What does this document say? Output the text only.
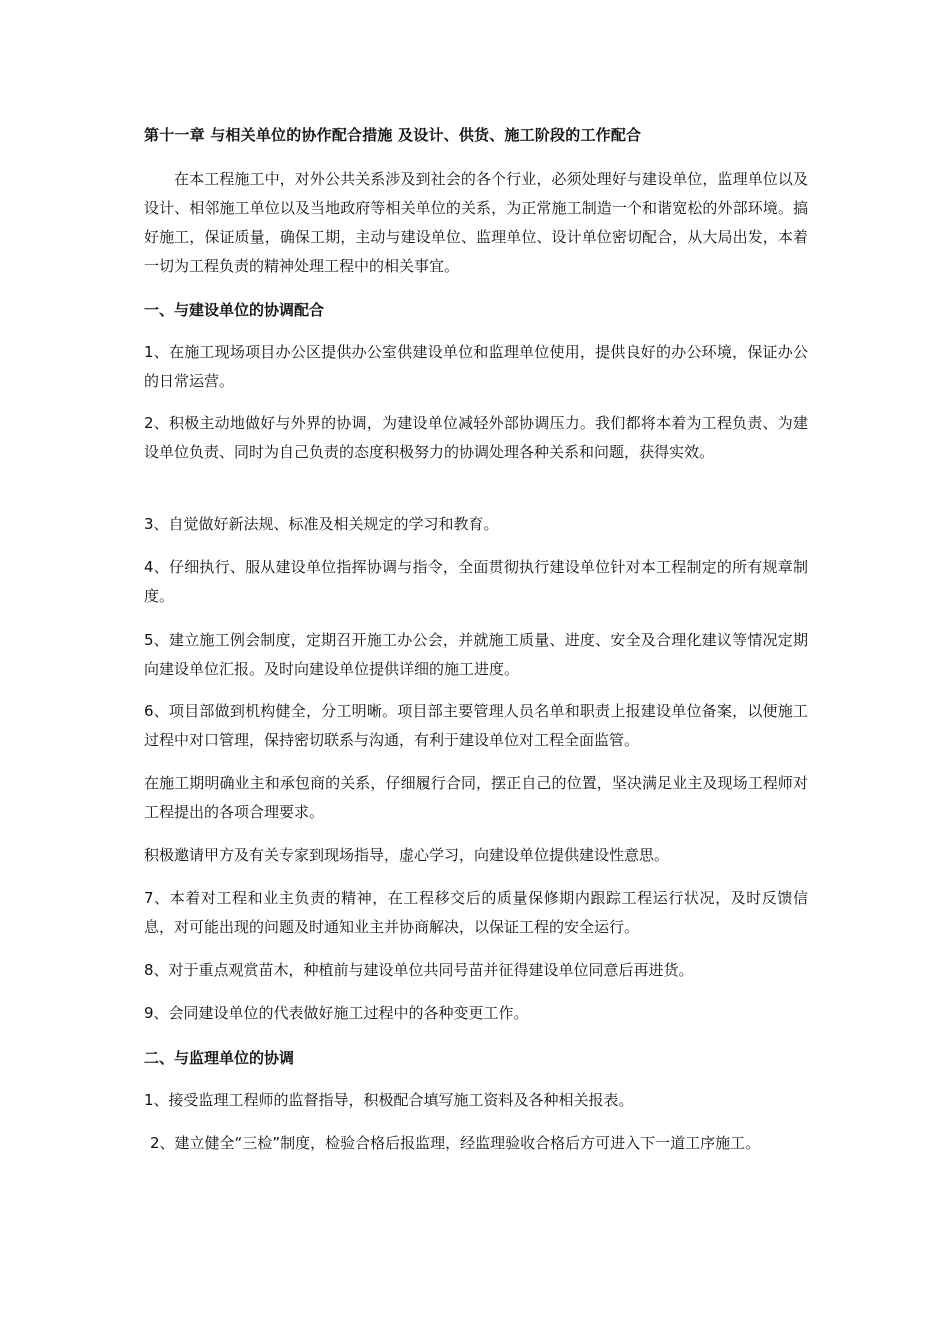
第十一章 与相关单位的协作配合措施 及设计、供货、施工阶段的工作配合

在本工程施工中，对外公共关系涉及到社会的各个行业，必须处理好与建设单位，监理单位以及设计、相邻施工单位以及当地政府等相关单位的关系，为正常施工制造一个和谐宽松的外部环境。搞好施工，保证质量，确保工期，主动与建设单位、监理单位、设计单位密切配合，从大局出发，本着一切为工程负责的精神处理工程中的相关事宜。

一、与建设单位的协调配合

1、在施工现场项目办公区提供办公室供建设单位和监理单位使用，提供良好的办公环境，保证办公的日常运营。

2、积极主动地做好与外界的协调，为建设单位减轻外部协调压力。我们都将本着为工程负责、为建设单位负责、同时为自己负责的态度积极努力的协调处理各种关系和问题，获得实效。

3、自觉做好新法规、标准及相关规定的学习和教育。

4、仔细执行、服从建设单位指挥协调与指令，全面贯彻执行建设单位针对本工程制定的所有规章制度。

5、建立施工例会制度，定期召开施工办公会，并就施工质量、进度、安全及合理化建议等情况定期向建设单位汇报。及时向建设单位提供详细的施工进度。

6、项目部做到机构健全，分工明晰。项目部主要管理人员名单和职责上报建设单位备案，以便施工过程中对口管理，保持密切联系与沟通，有利于建设单位对工程全面监管。

在施工期明确业主和承包商的关系，仔细履行合同，摆正自己的位置，坚决满足业主及现场工程师对工程提出的各项合理要求。

积极邀请甲方及有关专家到现场指导，虚心学习，向建设单位提供建设性意思。

7、本着对工程和业主负责的精神，在工程移交后的质量保修期内跟踪工程运行状况，及时反馈信息，对可能出现的问题及时通知业主并协商解决，以保证工程的安全运行。

8、对于重点观赏苗木，种植前与建设单位共同号苗并征得建设单位同意后再进货。

9、会同建设单位的代表做好施工过程中的各种变更工作。

二、与监理单位的协调

1、接受监理工程师的监督指导，积极配合填写施工资料及各种相关报表。

2、建立健全“三检”制度，检验合格后报监理，经监理验收合格后方可进入下一道工序施工。
